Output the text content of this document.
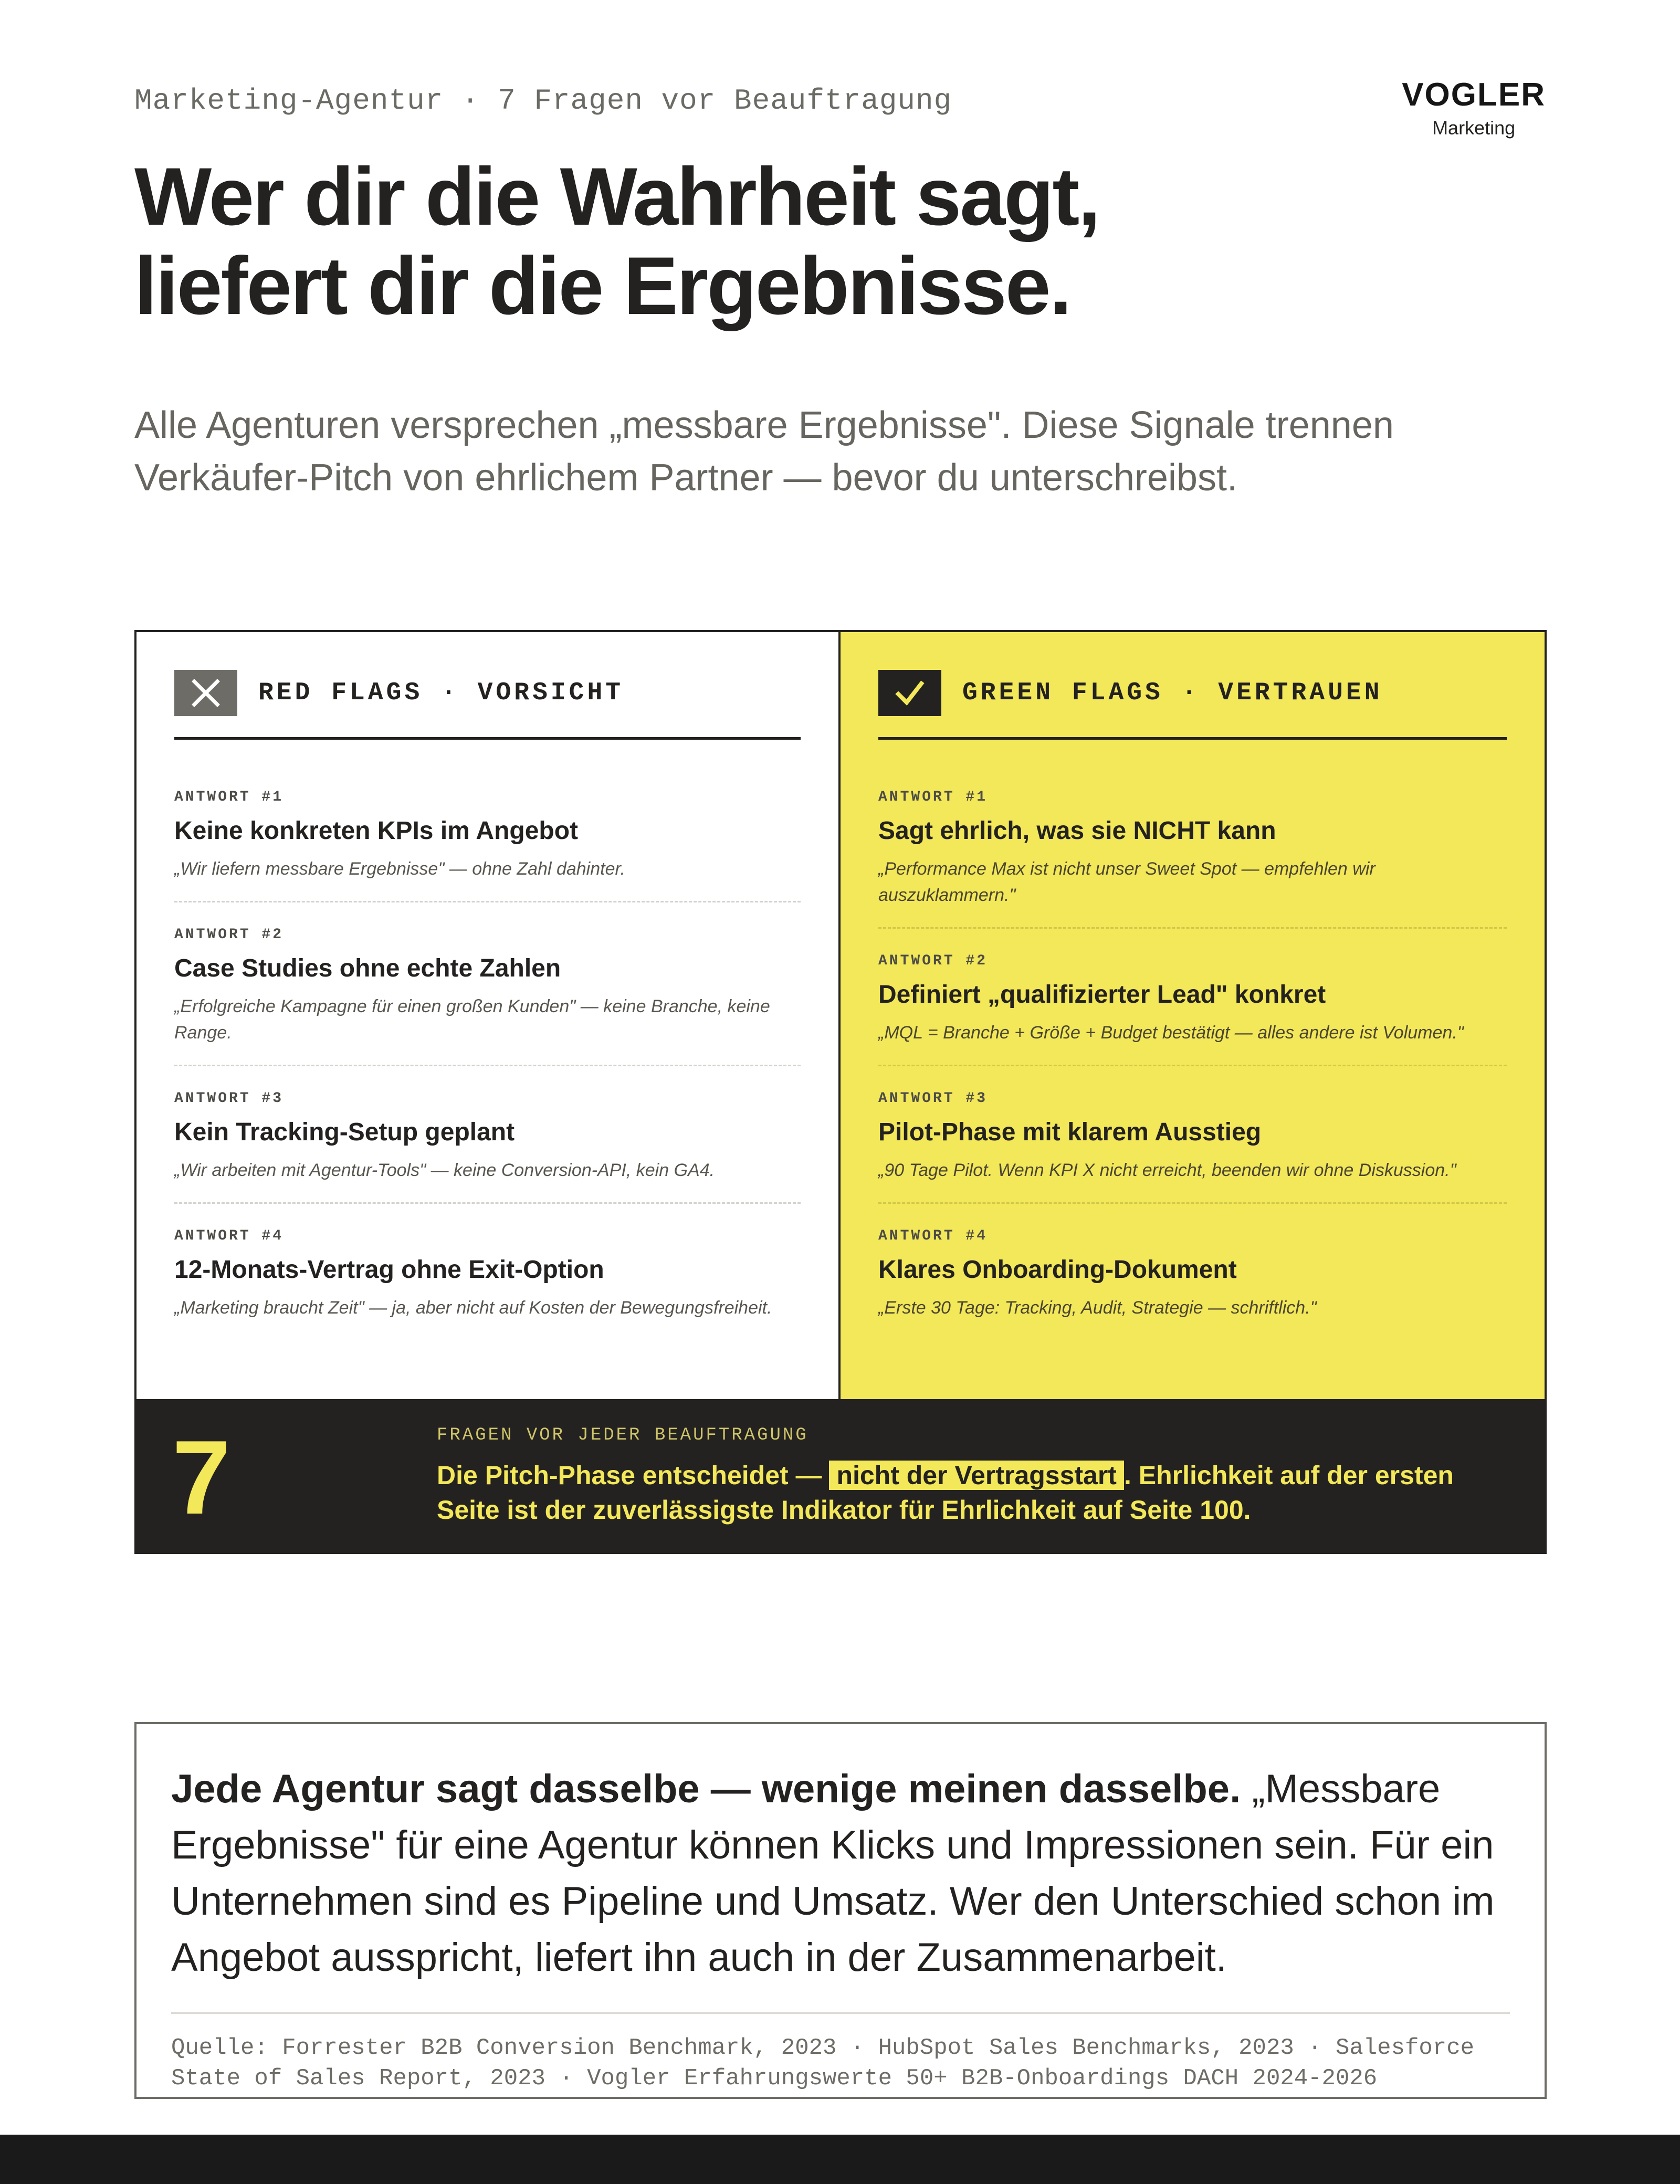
Marketing-Agentur · 7 Fragen vor Beauftragung	VOGLER
Marketing
Wer dir die Wahrheit sagt,
liefert dir die Ergebnisse.

Alle Agenturen versprechen „messbare Ergebnisse". Diese Signale trennen Verkäufer-Pitch von ehrlichem Partner — bevor du unterschreibst.

RED FLAGS · VORSICHT
ANTWORT #1
Keine konkreten KPIs im Angebot
„Wir liefern messbare Ergebnisse" — ohne Zahl dahinter.
ANTWORT #2
Case Studies ohne echte Zahlen
„Erfolgreiche Kampagne für einen großen Kunden" — keine Branche, keine Range.
ANTWORT #3
Kein Tracking-Setup geplant
„Wir arbeiten mit Agentur-Tools" — keine Conversion-API, kein GA4.
ANTWORT #4
12-Monats-Vertrag ohne Exit-Option
„Marketing braucht Zeit" — ja, aber nicht auf Kosten der Bewegungsfreiheit.
GREEN FLAGS · VERTRAUEN
ANTWORT #1
Sagt ehrlich, was sie NICHT kann
„Performance Max ist nicht unser Sweet Spot — empfehlen wir auszuklammern."
ANTWORT #2
Definiert „qualifizierter Lead" konkret
„MQL = Branche + Größe + Budget bestätigt — alles andere ist Volumen."
ANTWORT #3
Pilot-Phase mit klarem Ausstieg
„90 Tage Pilot. Wenn KPI X nicht erreicht, beenden wir ohne Diskussion."
ANTWORT #4
Klares Onboarding-Dokument
„Erste 30 Tage: Tracking, Audit, Strategie — schriftlich."
7	FRAGEN VOR JEDER BEAUFTRAGUNG
Die Pitch-Phase entscheidet — nicht der Vertragsstart . Ehrlichkeit auf der ersten Seite ist der zuverlässigste Indikator für Ehrlichkeit auf Seite 100.

Jede Agentur sagt dasselbe — wenige meinen dasselbe. „Messbare Ergebnisse" für eine Agentur können Klicks und Impressionen sein. Für ein Unternehmen sind es Pipeline und Umsatz. Wer den Unterschied schon im Angebot ausspricht, liefert ihn auch in der Zusammenarbeit.

Quelle: Forrester B2B Conversion Benchmark, 2023 · HubSpot Sales Benchmarks, 2023 · Salesforce State of Sales Report, 2023 · Vogler Erfahrungswerte 50+ B2B-Onboardings DACH 2024-2026
